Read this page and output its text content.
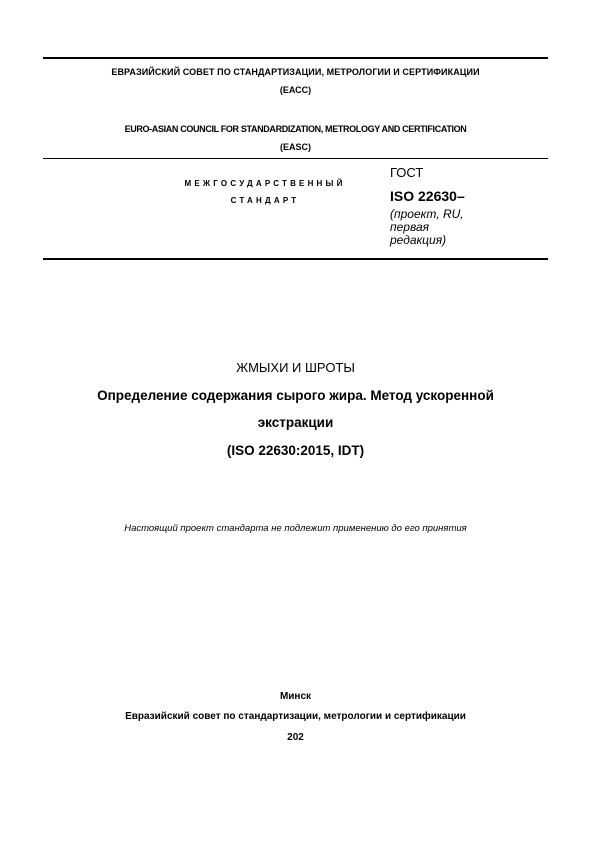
ЕВРАЗИЙСКИЙ СОВЕТ ПО СТАНДАРТИЗАЦИИ, МЕТРОЛОГИИ И СЕРТИФИКАЦИИ
(ЕАСС)
EURO-ASIAN COUNCIL FOR STANDARDIZATION, METROLOGY AND CERTIFICATION
(EASC)
МЕЖГОСУДАРСТВЕННЫЙ
СТАНДАРТ
ГОСТ
ISO 22630–
(проект, RU, первая редакция)
ЖМЫХИ И ШРОТЫ
Определение содержания сырого жира. Метод ускоренной
экстракции
(ISO 22630:2015, IDT)
Настоящий проект стандарта не подлежит применению до его принятия
Минск
Евразийский совет по стандартизации, метрологии и сертификации
202
